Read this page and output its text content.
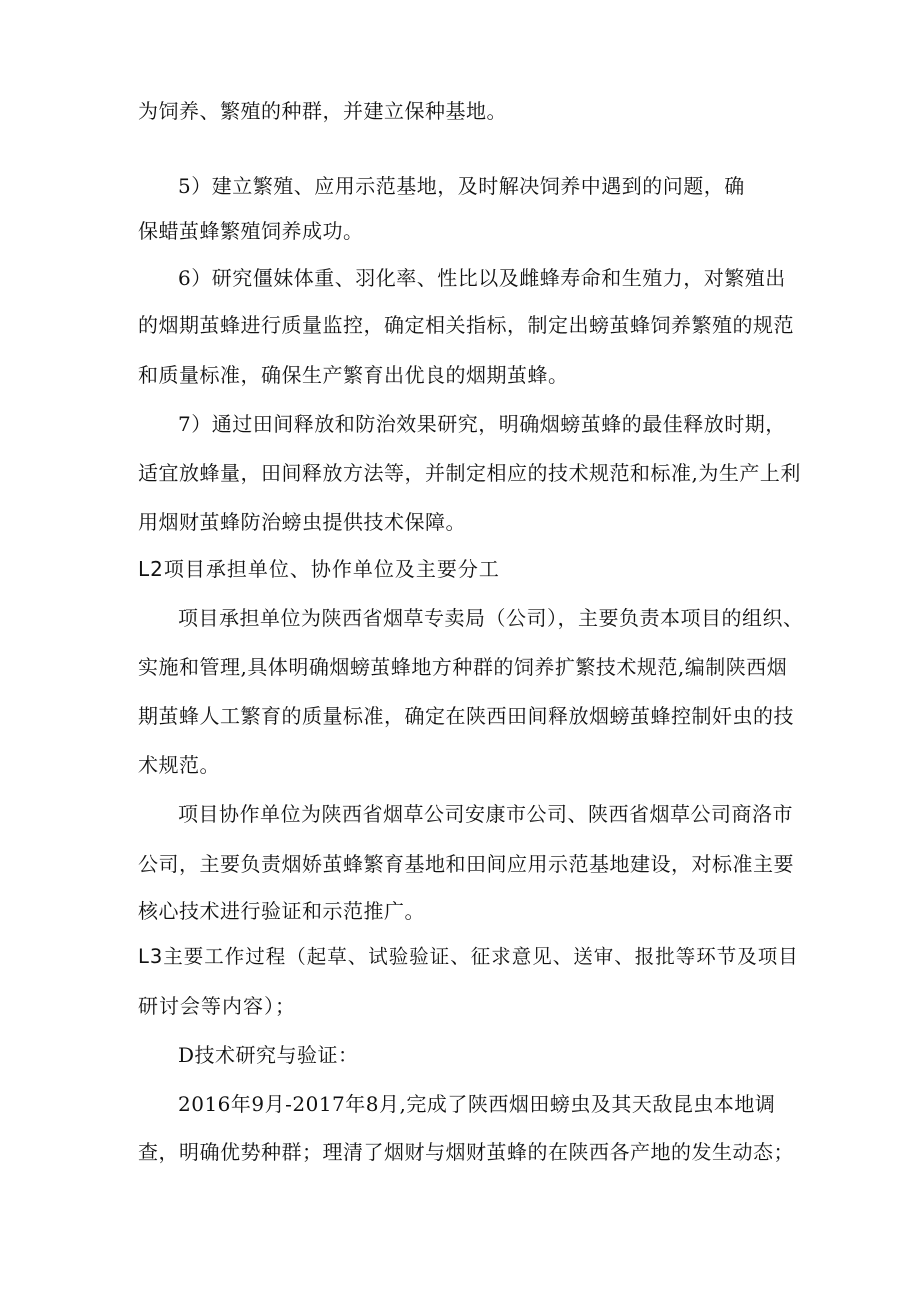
为饲养、繁殖的种群，并建立保种基地。
5）建立繁殖、应用示范基地，及时解决饲养中遇到的问题，确
保蜡茧蜂繁殖饲养成功。
6）研究僵妹体重、羽化率、性比以及雌蜂寿命和生殖力，对繁殖出
的烟期茧蜂进行质量监控，确定相关指标，制定出螃茧蜂饲养繁殖的规范
和质量标准，确保生产繁育出优良的烟期茧蜂。
7）通过田间释放和防治效果研究，明确烟螃茧蜂的最佳释放时期，
适宜放蜂量，田间释放方法等，并制定相应的技术规范和标准,为生产上利
用烟财茧蜂防治螃虫提供技术保障。
L2项目承担单位、协作单位及主要分工
项目承担单位为陕西省烟草专卖局（公司），主要负责本项目的组织、
实施和管理,具体明确烟螃茧蜂地方种群的饲养扩繁技术规范,编制陕西烟
期茧蜂人工繁育的质量标准，确定在陕西田间释放烟螃茧蜂控制奸虫的技
术规范。
项目协作单位为陕西省烟草公司安康市公司、陕西省烟草公司商洛市
公司，主要负责烟娇茧蜂繁育基地和田间应用示范基地建设，对标准主要
核心技术进行验证和示范推广。
L3主要工作过程（起草、试验验证、征求意见、送审、报批等环节及项目
研讨会等内容）；
D技术研究与验证：
2016年9月-2017年8月,完成了陕西烟田螃虫及其天敌昆虫本地调
查，明确优势种群；理清了烟财与烟财茧蜂的在陕西各产地的发生动态；
